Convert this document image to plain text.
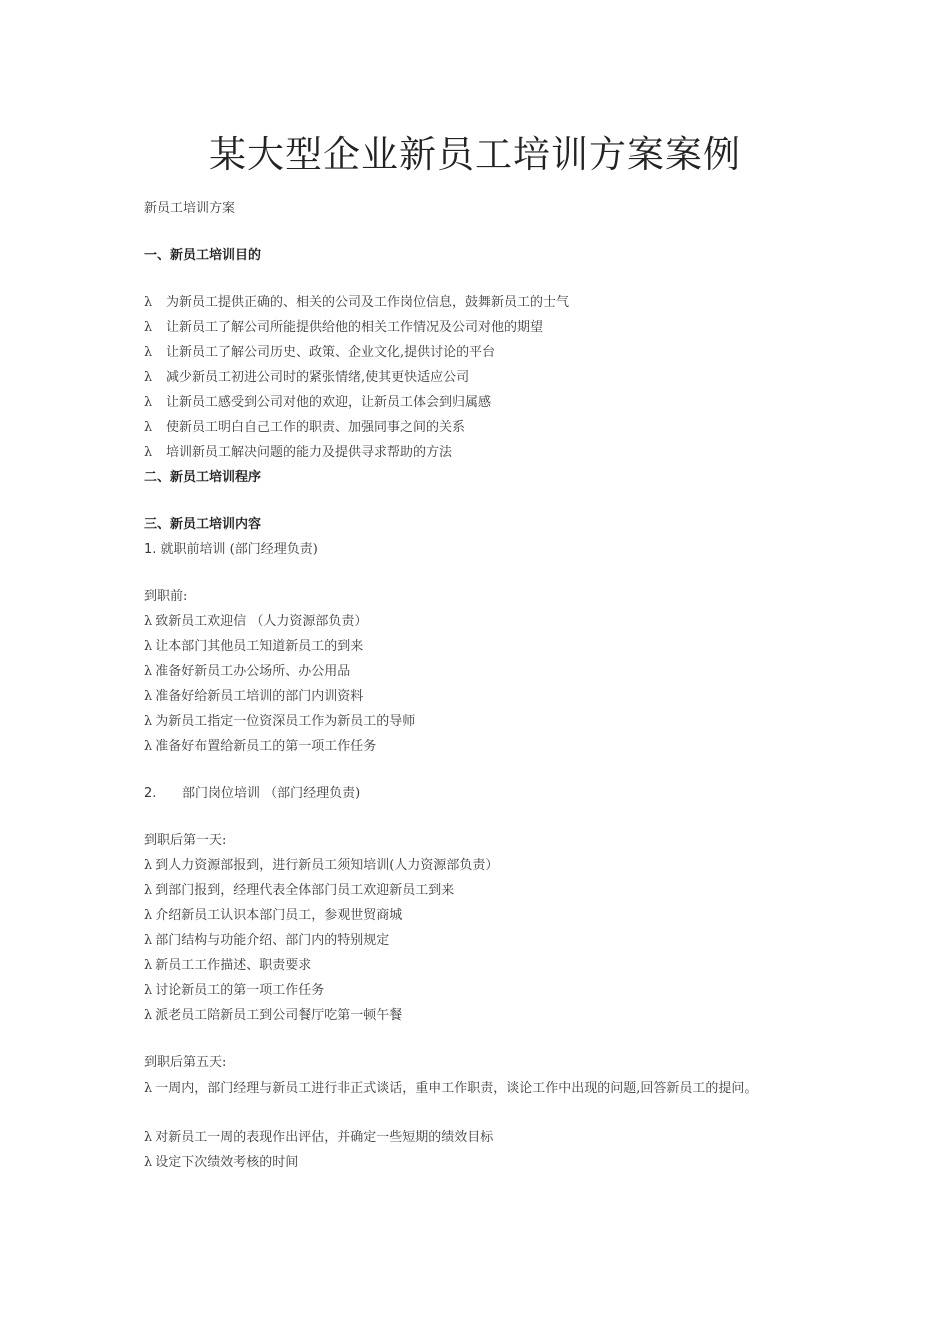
某大型企业新员工培训方案案例
新员工培训方案
一、新员工培训目的
λ 为新员工提供正确的、相关的公司及工作岗位信息，鼓舞新员工的士气
λ 让新员工了解公司所能提供给他的相关工作情况及公司对他的期望
λ 让新员工了解公司历史、政策、企业文化,提供讨论的平台
λ 减少新员工初进公司时的紧张情绪,使其更快适应公司
λ 让新员工感受到公司对他的欢迎，让新员工体会到归属感
λ 使新员工明白自己工作的职责、加强同事之间的关系
λ 培训新员工解决问题的能力及提供寻求帮助的方法
二、新员工培训程序
三、新员工培训内容
1. 就职前培训 (部门经理负责)
到职前:
λ 致新员工欢迎信 （人力资源部负责）
λ 让本部门其他员工知道新员工的到来
λ 准备好新员工办公场所、办公用品
λ 准备好给新员工培训的部门内训资料
λ 为新员工指定一位资深员工作为新员工的导师
λ 准备好布置给新员工的第一项工作任务
2. 部门岗位培训 （部门经理负责)
到职后第一天:
λ 到人力资源部报到，进行新员工须知培训(人力资源部负责）
λ 到部门报到，经理代表全体部门员工欢迎新员工到来
λ 介绍新员工认识本部门员工，参观世贸商城
λ 部门结构与功能介绍、部门内的特别规定
λ 新员工工作描述、职责要求
λ 讨论新员工的第一项工作任务
λ 派老员工陪新员工到公司餐厅吃第一顿午餐
到职后第五天:
λ 一周内，部门经理与新员工进行非正式谈话，重申工作职责，谈论工作中出现的问题,回答新员工的提问。
λ 对新员工一周的表现作出评估，并确定一些短期的绩效目标
λ 设定下次绩效考核的时间
